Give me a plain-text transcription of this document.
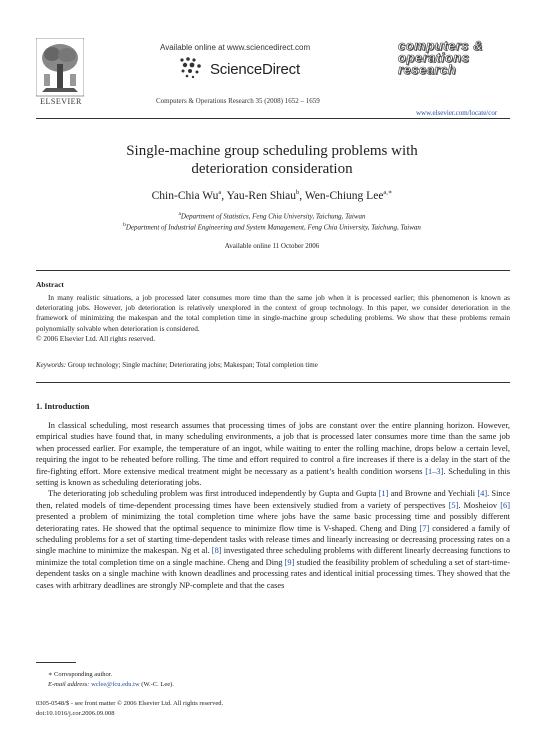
ELSEVIER
Available online at www.sciencedirect.com
ScienceDirect
Computers & Operations Research 35 (2008) 1652 – 1659
computers &
operations
research
www.elsevier.com/locate/cor
Single-machine group scheduling problems with
deterioration consideration
Chin-Chia Wu$^a$, Yau-Ren Shiau$^b$, Wen-Chiung Lee$^{a,∗}$
$^a$Department of Statistics, Feng Chia University, Taichung, Taiwan
$^b$Department of Industrial Engineering and System Management, Feng Chia University, Taichung, Taiwan
Available online 11 October 2006
Abstract

In many realistic situations, a job processed later consumes more time than the same job when it is processed earlier; this phenomenon is known as deteriorating jobs. However, job deterioration is relatively unexplored in the context of group technology. In this paper, we consider deterioration in the framework of minimizing the makespan and the total completion time in single-machine group scheduling problems. We show that these problems remain polynomially solvable when deterioration is considered.

© 2006 Elsevier Ltd. All rights reserved.
Keywords: Group technology; Single machine; Deteriorating jobs; Makespan; Total completion time
1. Introduction

In classical scheduling, most research assumes that processing times of jobs are constant over the entire planning horizon. However, empirical studies have found that, in many scheduling environments, a job that is processed later consumes more time than the same job when processed earlier. For example, the temperature of an ingot, while waiting to enter the rolling machine, drops below a certain level, requiring the ingot to be reheated before rolling. The time and effort required to control a fire increases if there is a delay in the start of the fire-fighting effort. More extensive medical treatment might be necessary as a patient’s health condition worsens [1–3]. Scheduling in this setting is known as scheduling deteriorating jobs.

The deteriorating job scheduling problem was first introduced independently by Gupta and Gupta [1] and Browne and Yechiali [4]. Since then, related models of time-dependent processing times have been extensively studied from a variety of perspectives [5]. Mosheiov [6] presented a problem of minimizing the total completion time where jobs have the same basic processing time and possibly different deteriorating rates. He showed that the optimal sequence to minimize flow time is V-shaped. Cheng and Ding [7] considered a family of scheduling problems for a set of starting time-dependent tasks with release times and linearly increasing or decreasing processing rates on a single machine to minimize the makespan. Ng et al. [8] investigated three scheduling problems with different linearly decreasing functions to minimize the total completion time on a single machine. Cheng and Ding [9] studied the feasibility problem of scheduling a set of start-time-dependent tasks on a single machine with known deadlines and processing rates and identical initial processing times. They showed that the cases with arbitrary deadlines are strongly NP-complete and that the cases

∗ Corresponding author.
E-mail address: wclee@fcu.edu.tw (W.-C. Lee).
0305-0548/$ - see front matter © 2006 Elsevier Ltd. All rights reserved.
doi:10.1016/j.cor.2006.09.008
